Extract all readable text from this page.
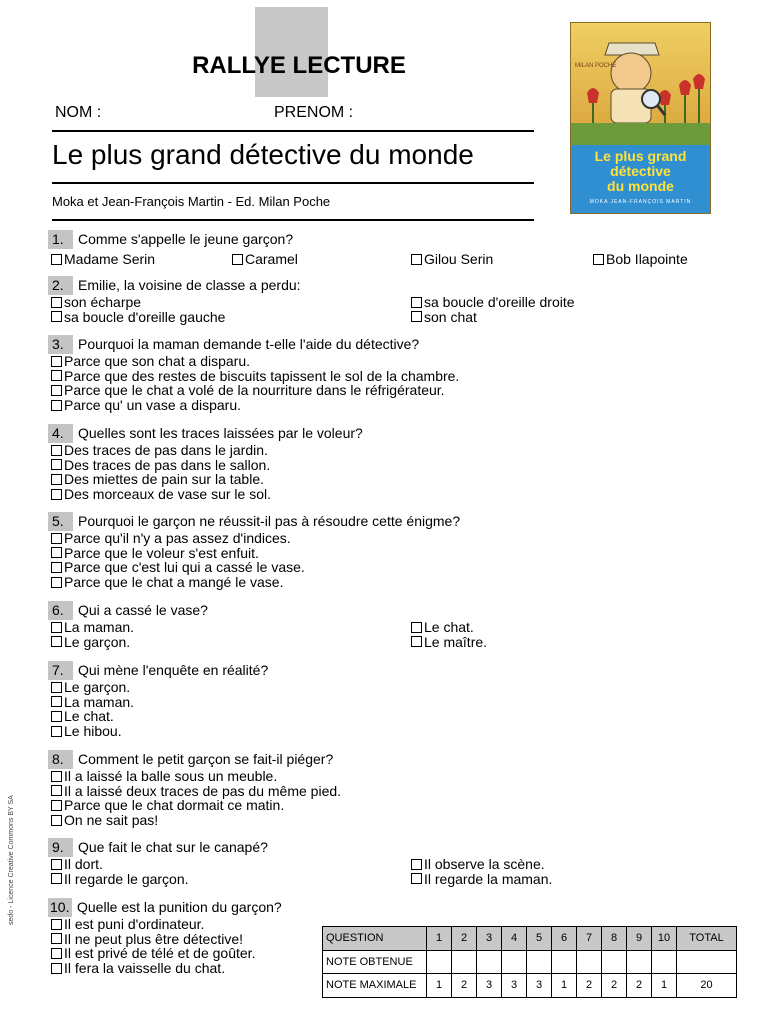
RALLYE LECTURE
NOM :	PRENOM :
Le plus grand détective du monde
Moka et Jean-François Martin - Ed. Milan Poche
Le plus grand
détective
du monde
MOKA JEAN-FRANÇOIS MARTIN
MILAN POCHE
sedo - Licence Creative Commons BY SA
1.	Comme s'appelle le jeune garçon?
Madame Serin	Caramel	Gilou Serin	Bob Ilapointe
2.	Emilie, la voisine de classe a perdu:
son écharpe	sa boucle d'oreille droite
sa boucle d'oreille gauche	son chat
3.	Pourquoi la maman demande t-elle l'aide du détective?
Parce que son chat a disparu.
Parce que des restes de biscuits tapissent le sol de la chambre.
Parce que le chat a volé de la nourriture dans le réfrigérateur.
Parce qu' un vase a disparu.
4.	Quelles sont les traces laissées par le voleur?
Des traces de pas dans le jardin.
Des traces de pas dans le sallon.
Des miettes de pain sur la table.
Des morceaux de vase sur le sol.
5.	Pourquoi le garçon ne réussit-il pas à résoudre cette énigme?
Parce qu'il n'y a pas assez d'indices.
Parce que le voleur s'est enfuit.
Parce que c'est lui qui a cassé le vase.
Parce que le chat a mangé le vase.
6.	Qui a cassé le vase?
La maman.	Le chat.
Le garçon.	Le maître.
7.	Qui mène l'enquête en réalité?
Le garçon.
La maman.
Le chat.
Le hibou.
8.	Comment le petit garçon se fait-il piéger?
Il a laissé la balle sous un meuble.
Il a laissé deux traces de pas du même pied.
Parce que le chat dormait ce matin.
On ne sait pas!
9.	Que fait le chat sur le canapé?
Il dort.	Il observe la scène.
Il regarde le garçon.	Il regarde la maman.
10. Quelle est la punition du garçon?
Il est puni d'ordinateur.
Il ne peut plus être détective!
Il est privé de télé et de goûter.
Il fera la vaisselle du chat.
QUESTION	1	2	3	4	5	6	7	8	9	10	TOTAL
NOTE OBTENUE											
NOTE MAXIMALE	1	2	3	3	3	1	2	2	2	1	20
